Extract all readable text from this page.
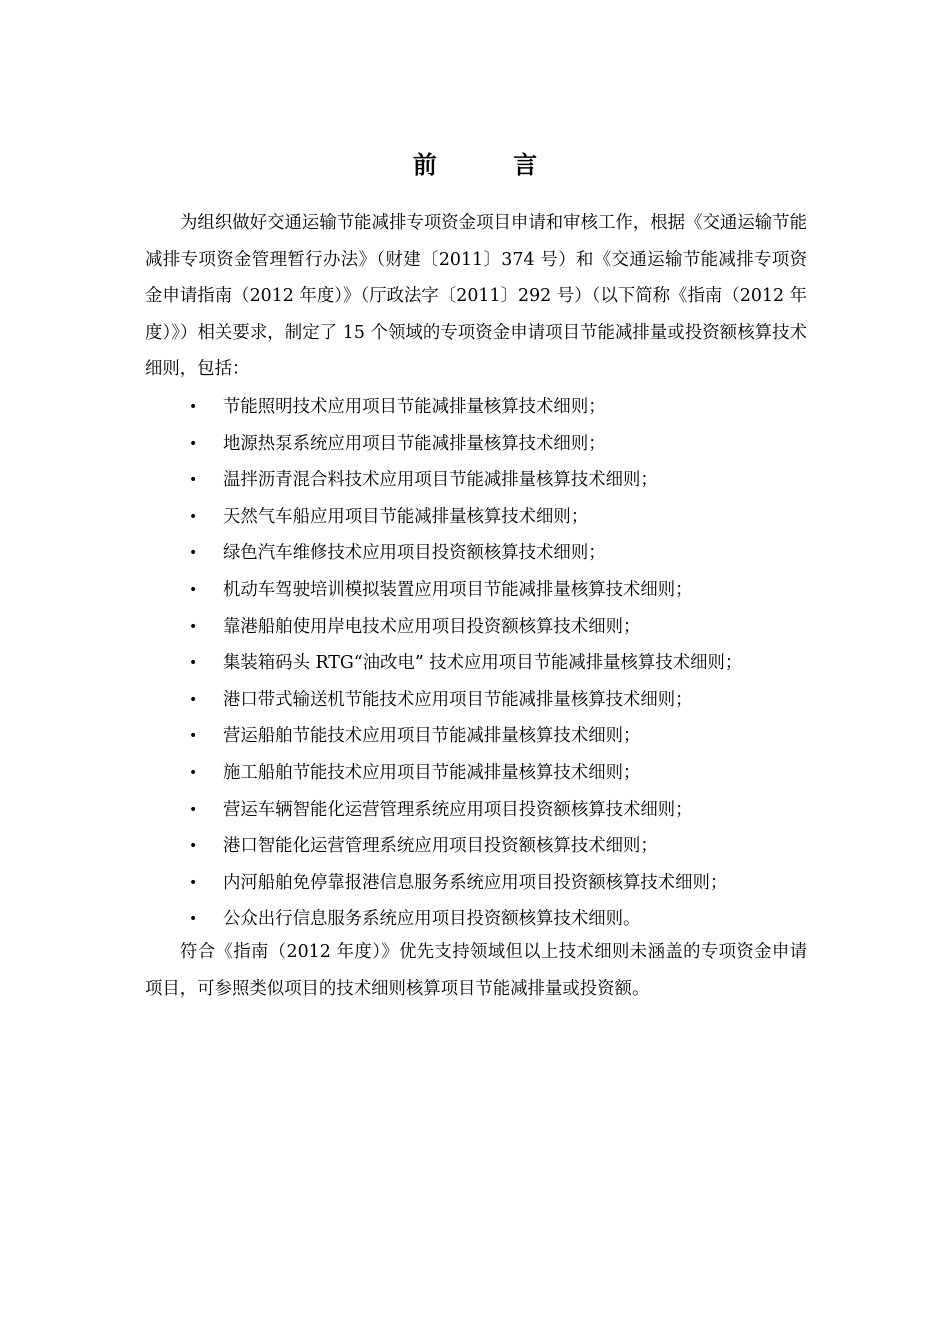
前 言

为组织做好交通运输节能减排专项资金项目申请和审核工作，根据《交通运输节能减排专项资金管理暂行办法》（财建〔2011〕374 号）和《交通运输节能减排专项资金申请指南（2012 年度）》（厅政法字〔2011〕292 号）（以下简称《指南（2012 年度）》）相关要求，制定了 15 个领域的专项资金申请项目节能减排量或投资额核算技术细则，包括：

• 节能照明技术应用项目节能减排量核算技术细则；
• 地源热泵系统应用项目节能减排量核算技术细则；
• 温拌沥青混合料技术应用项目节能减排量核算技术细则；
• 天然气车船应用项目节能减排量核算技术细则；
• 绿色汽车维修技术应用项目投资额核算技术细则；
• 机动车驾驶培训模拟装置应用项目节能减排量核算技术细则；
• 靠港船舶使用岸电技术应用项目投资额核算技术细则；
• 集装箱码头 RTG“油改电” 技术应用项目节能减排量核算技术细则；
• 港口带式输送机节能技术应用项目节能减排量核算技术细则；
• 营运船舶节能技术应用项目节能减排量核算技术细则；
• 施工船舶节能技术应用项目节能减排量核算技术细则；
• 营运车辆智能化运营管理系统应用项目投资额核算技术细则；
• 港口智能化运营管理系统应用项目投资额核算技术细则；
• 内河船舶免停靠报港信息服务系统应用项目投资额核算技术细则；
• 公众出行信息服务系统应用项目投资额核算技术细则。

符合《指南（2012 年度）》优先支持领域但以上技术细则未涵盖的专项资金申请项目，可参照类似项目的技术细则核算项目节能减排量或投资额。
